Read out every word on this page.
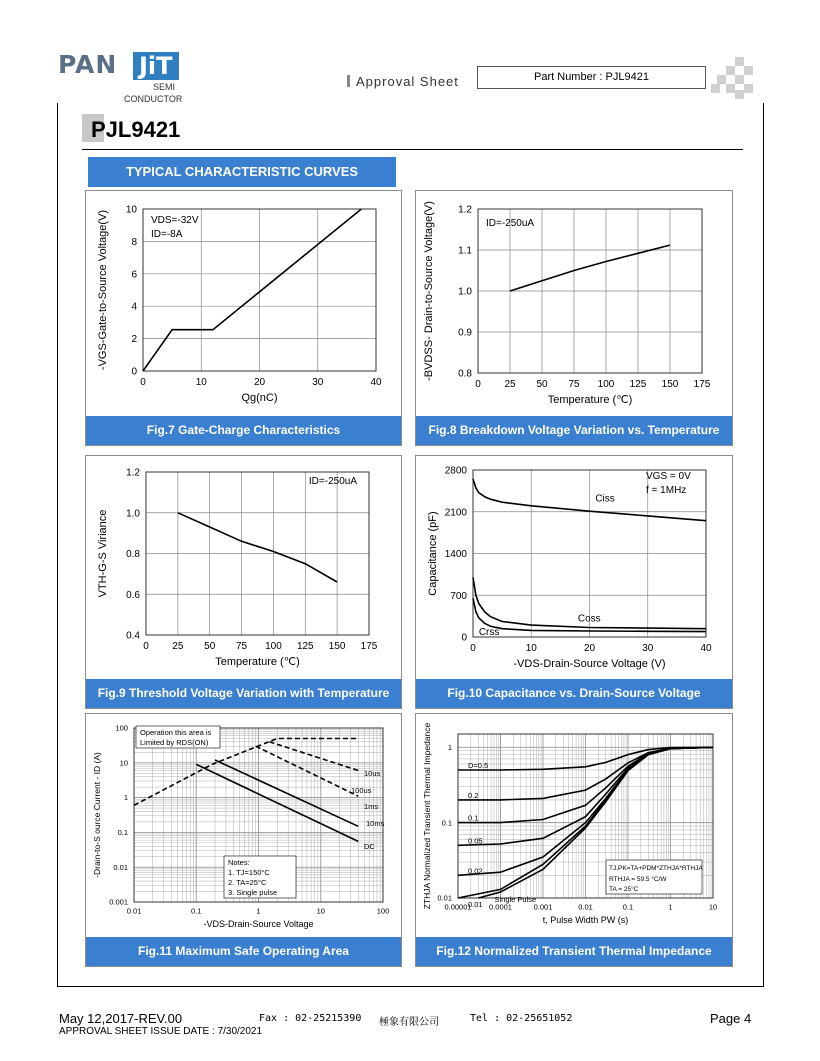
PAN JiT
SEMI
CONDUCTOR
Approval Sheet	Part Number : PJL9421
PJL9421
TYPICAL CHARACTERISTIC CURVES
0	10	20	30	40
0
2
4
6
8
10
Qg(nC)
-VGS-Gate-to-Source Voltage(V)	VDS=-32V
ID=-8A
Fig.7 Gate-Charge Characteristics
0 25 50 75 100 125 150 175
0.8
0.9
1.0
1.1
1.2
Temperature (℃)
-BVDSS- Drain-to-Source Voltage(V)	ID=-250uA
Fig.8 Breakdown Voltage Variation vs. Temperature
0 25 50 75 100 125 150 175
0.4
0.6
0.8
1.0
1.2
Temperature (℃)
VTH-G-S Viriance
ID=-250uA
Fig.9 Threshold Voltage Variation with Temperature
0	10	20	30	40
0
700
1400
2100
2800
-VDS-Drain-Source Voltage (V)
Capacitance (pF)
VGS = 0V
f = 1MHz
Ciss
Coss
Crss
Fig.10 Capacitance vs. Drain-Source Voltage
0.01	0.1	1	10	100
0.001
0.01
0.1
1
10
100
-VDS-Drain-Source Voltage
-Drain-to-S ource Current - ID (A)
Operation this area is
Limited by RDS(ON)
Notes:
1. TJ=150°C
2. TA=25°C
3. Single pulse
10us
100us
1ms
10ms
DC
Fig.11 Maximum Safe Operating Area
0.00001 0.0001	0.001	0.01	0.1	1	10
0.01
0.1
1
t, Pulse Width PW (s)
ZTHJA Normalized Transient Thermal Impedance	D=0.5
0.2
0.1
0.05
0.02
0.01
Single Pulse
TJ,PK=TA+PDM*ZTHJA*RTHJA
RTHJA = 59.5 °C/W
TA = 25°C
Fig.12 Normalized Transient Thermal Impedance
May 12,2017-REV.00	Fax : 02-25215390 極象有限公司	Tel : 02-25651052	Page 4
APPROVAL SHEET ISSUE DATE : 7/30/2021
